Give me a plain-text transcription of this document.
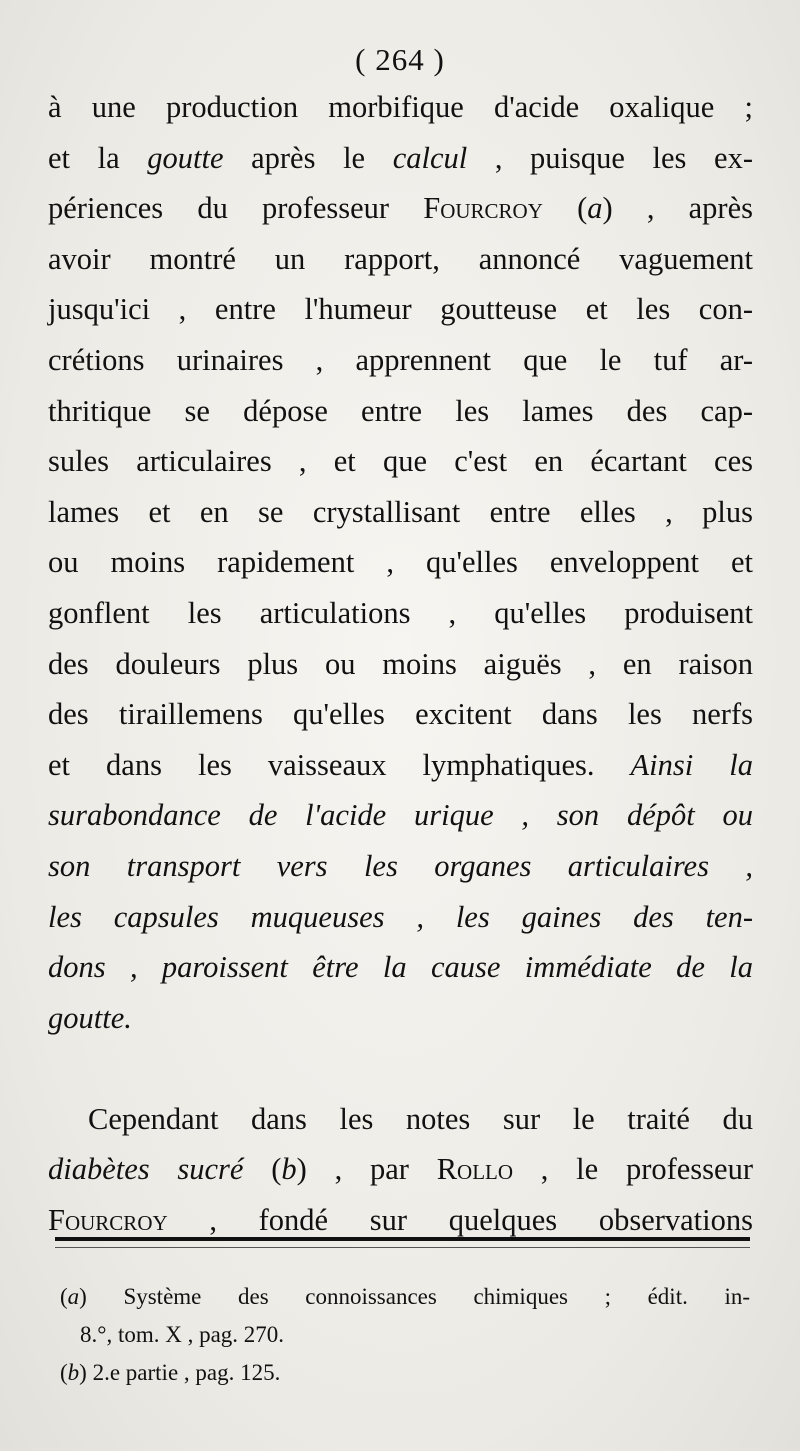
( 264 )
à une production morbifique d'acide oxalique ;
et la goutte après le calcul , puisque les ex-
périences du professeur Fourcroy (a) , après
avoir montré un rapport, annoncé vaguement
jusqu'ici , entre l'humeur goutteuse et les con-
crétions urinaires , apprennent que le tuf ar-
thritique se dépose entre les lames des cap-
sules articulaires , et que c'est en écartant ces
lames et en se crystallisant entre elles , plus
ou moins rapidement , qu'elles enveloppent et
gonflent les articulations , qu'elles produisent
des douleurs plus ou moins aiguës , en raison
des tiraillemens qu'elles excitent dans les nerfs
et dans les vaisseaux lymphatiques. Ainsi la
surabondance de l'acide urique , son dépôt ou
son transport vers les organes articulaires ,
les capsules muqueuses , les gaines des ten-
dons , paroissent être la cause immédiate de la
goutte.
Cependant dans les notes sur le traité du
diabètes sucré (b) , par Rollo , le professeur
Fourcroy , fondé sur quelques observations
(a) Système des connoissances chimiques ; édit. in-
8.°, tom. X , pag. 270.
(b) 2.e partie , pag. 125.
